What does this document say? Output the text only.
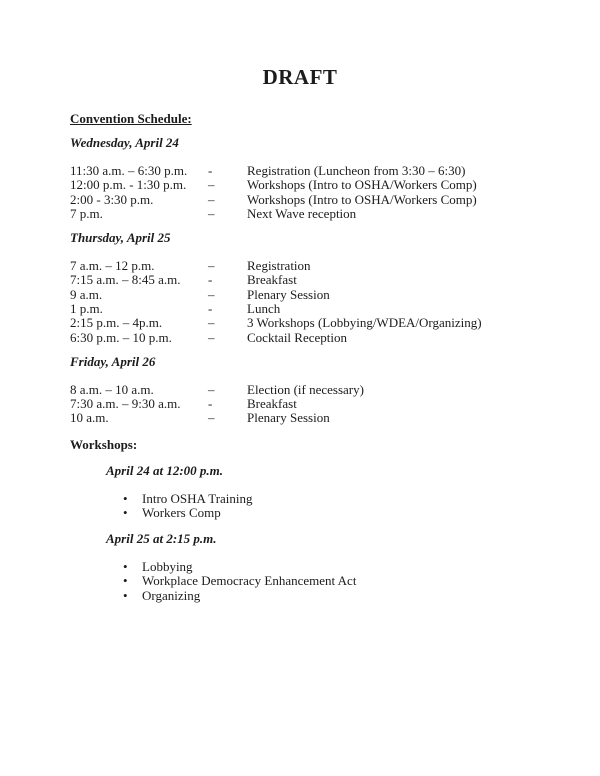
DRAFT
Convention Schedule:
Wednesday, April 24
11:30 a.m. – 6:30 p.m.	-	Registration (Luncheon from 3:30 – 6:30)
12:00 p.m. - 1:30 p.m.	–	Workshops (Intro to OSHA/Workers Comp)
2:00 - 3:30 p.m.	–	Workshops (Intro to OSHA/Workers Comp)
7 p.m.	–	Next Wave reception
Thursday, April 25
7 a.m. – 12 p.m.	–	Registration
7:15 a.m. – 8:45 a.m.	-	Breakfast
9 a.m.	–	Plenary Session
1 p.m.	-	Lunch
2:15 p.m. – 4p.m.	–	3 Workshops (Lobbying/WDEA/Organizing)
6:30 p.m. – 10 p.m.	–	Cocktail Reception
Friday, April 26
8 a.m. – 10 a.m.	–	Election (if necessary)
7:30 a.m. – 9:30 a.m.	-	Breakfast
10 a.m.	–	Plenary Session
Workshops:
April 24 at 12:00 p.m.
•	Intro OSHA Training
•	Workers Comp
April 25 at 2:15 p.m.
•	Lobbying
•	Workplace Democracy Enhancement Act
•	Organizing
